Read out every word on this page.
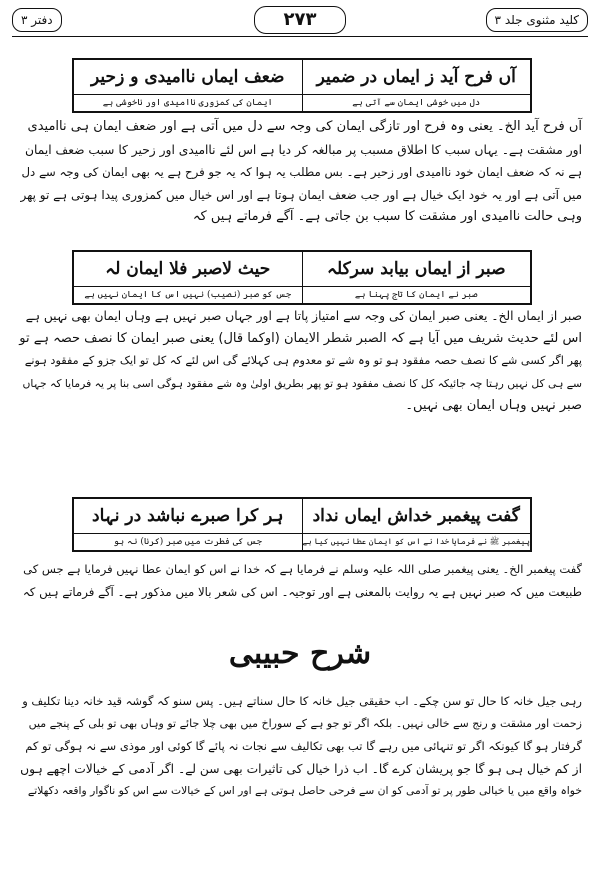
کلید مثنوی جلد ۳
۲۷۳
دفتر ۳
آں فرح آید ز ایماں در ضمیر
ضعف ایماں ناامیدی و زحیر
دل میں خوشی ایمان سے آتی ہے
ایمان کی کمزوری ناامیدی اور ناخوشی ہے

آں فرح آید الخ۔ یعنی وہ فرح اور تازگی ایمان کی وجہ سے دل میں آتی ہے اور ضعف ایمان ہی ناامیدی

اور مشقت ہے۔ یہاں سبب کا اطلاق مسبب پر مبالغہ کر دیا ہے اس لئے ناامیدی اور زحیر کا سبب ضعف ایمان

ہے نہ کہ ضعف ایمان خود ناامیدی اور زحیر ہے۔ بس مطلب یہ ہوا کہ یہ جو فرح ہے یہ بھی ایمان کی وجہ سے دل

میں آتی ہے اور یہ خود ایک خیال ہے اور جب ضعف ایمان ہوتا ہے اور اس خیال میں کمزوری پیدا ہوتی ہے تو پھر

وہی حالت ناامیدی اور مشقت کا سبب بن جاتی ہے۔ آگے فرماتے ہیں کہ

صبر از ایماں بیابد سرکلہ
حیث لاصبر فلا ایمان لہ
صبر نے ایمان کا تاج پہنا ہے
جس کو صبر (نصیب) نہیں اس کا ایمان نہیں ہے

صبر از ایماں الخ۔ یعنی صبر ایمان کی وجہ سے امتیاز پاتا ہے اور جہاں صبر نہیں ہے وہاں ایمان بھی نہیں ہے

اس لئے حدیث شریف میں آیا ہے کہ الصبر شطر الایمان (اوکما قال) یعنی صبر ایمان کا نصف حصہ ہے تو

پھر اگر کسی شے کا نصف حصہ مفقود ہو تو وہ شے تو معدوم ہی کہلائے گی اس لئے کہ کل تو ایک جزو کے مفقود ہونے

سے ہی کل نہیں رہتا چہ جائیکہ کل کا نصف مفقود ہو تو پھر بطریق اولیٰ وہ شے مفقود ہوگی اسی بنا پر یہ فرمایا کہ جہاں

صبر نہیں وہاں ایمان بھی نہیں۔

گفت پیغمبر خداش ایماں نداد
ہر کرا صبرے نباشد در نہاد
پیغمبر ﷺ نے فرمایا خدا نے اس کو ایمان عطا نہیں کیا ہے
جس کی فطرت میں صبر (کرنا) نہ ہو

گفت پیغمبر الخ۔ یعنی پیغمبر صلی اللہ علیہ وسلم نے فرمایا ہے کہ خدا نے اس کو ایمان عطا نہیں فرمایا ہے جس کی

طبیعت میں کہ صبر نہیں ہے یہ روایت بالمعنی ہے اور توجیہ۔ اس کی شعر بالا میں مذکور ہے۔ آگے فرماتے ہیں کہ

شرح حبیبی

رہی جیل خانہ کا حال تو سن چکے۔ اب حقیقی جیل خانہ کا حال سناتے ہیں۔ پس سنو کہ گوشہ قید خانہ دینا تکلیف و

زحمت اور مشقت و رنج سے خالی نہیں۔ بلکہ اگر تو جو ہے کے سوراخ میں بھی چلا جائے تو وہاں بھی تو بلی کے پنجے میں

گرفتار ہو گا کیونکہ اگر تو تنہائی میں رہے گا تب بھی تکالیف سے نجات نہ پائے گا کوئی اور موذی سے نہ ہوگی تو کم

از کم خیال ہی ہو گا جو پریشان کرے گا۔ اب ذرا خیال کی تاثیرات بھی سن لے۔ اگر آدمی کے خیالات اچھے ہوں

خواہ واقع میں یا خیالی طور پر تو آدمی کو ان سے فرحی حاصل ہوتی ہے اور اس کے خیالات سے اس کو ناگوار واقعہ دکھلاتے
